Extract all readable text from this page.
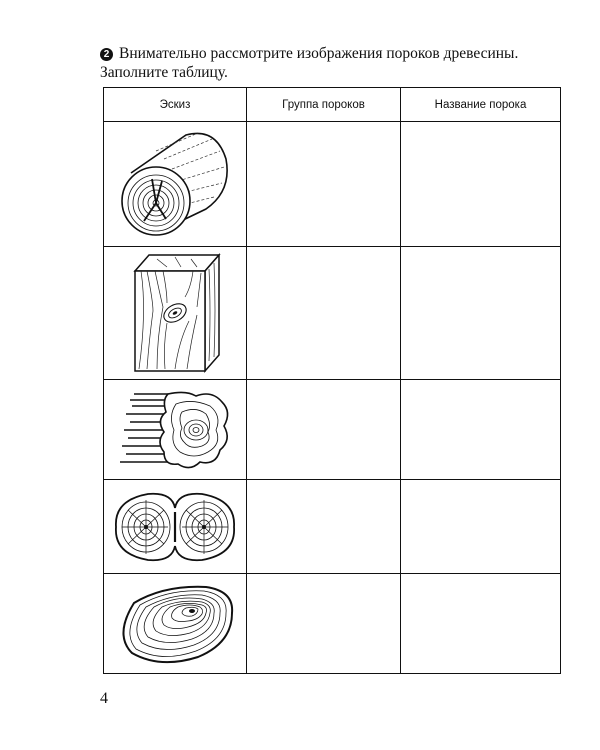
2 Внимательно рассмотрите изображения пороков древесины. Заполните таблицу.
Эскиз	Группа пороков	Название порока

4
